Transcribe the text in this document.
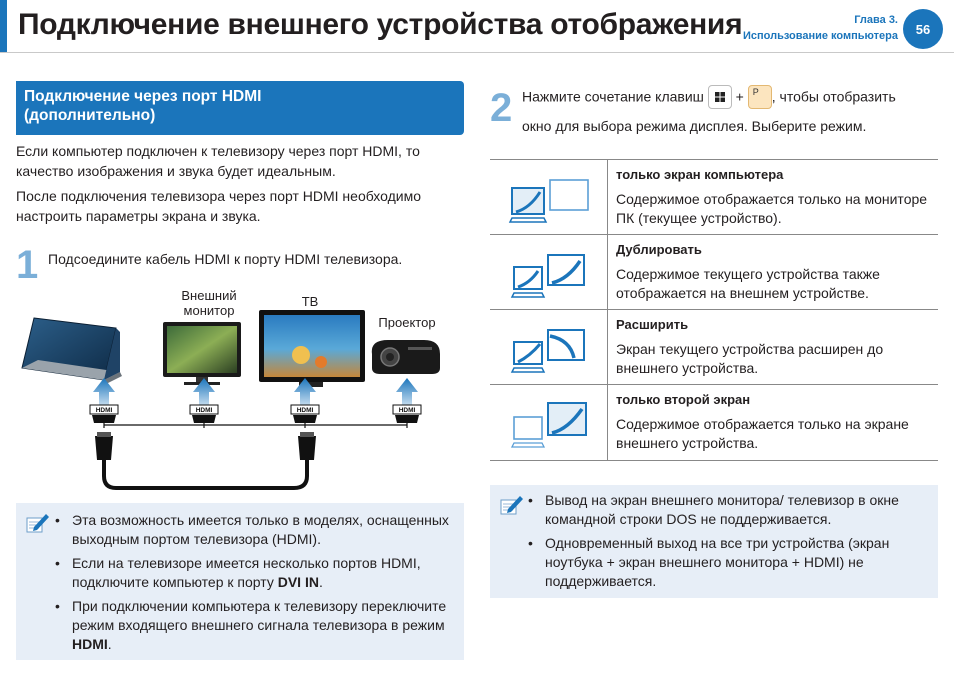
Подключение внешнего устройства отображения	Глава 3.
Использование компьютера	56
Подключение через порт HDMI
(дополнительно)
Если компьютер подключен к телевизору через порт HDMI, то качество изображения и звука будет идеальным.
После подключения телевизора через порт HDMI необходимо настроить параметры экрана и звука.
1 Подсоедините кабель HDMI к порту HDMI телевизора.
Внешний
монитор
ТВ
Проектор
HDMI	HDMI	HDMI	HDMI
• Эта возможность имеется только в моделях, оснащенных выходным портом телевизора (HDMI).
• Если на телевизоре имеется несколько портов HDMI, подключите компьютер к порту DVI IN.
• При подключении компьютера к телевизору переключите режим входящего внешнего сигнала телевизора в режим HDMI.
2 Нажмите сочетание клавиш + P , чтобы отобразить
окно для выбора режима дисплея. Выберите режим.
только экран компьютера
Содержимое отображается только на мониторе ПК (текущее устройство).
Дублировать
Содержимое текущего устройства также отображается на внешнем устройстве.
Расширить
Экран текущего устройства расширен до внешнего устройства.
только второй экран
Содержимое отображается только на экране внешнего устройства.
• Вывод на экран внешнего монитора/ телевизор в окне командной строки DOS не поддерживается.
• Одновременный выход на все три устройства (экран ноутбука + экран внешнего монитора + HDMI) не поддерживается.
